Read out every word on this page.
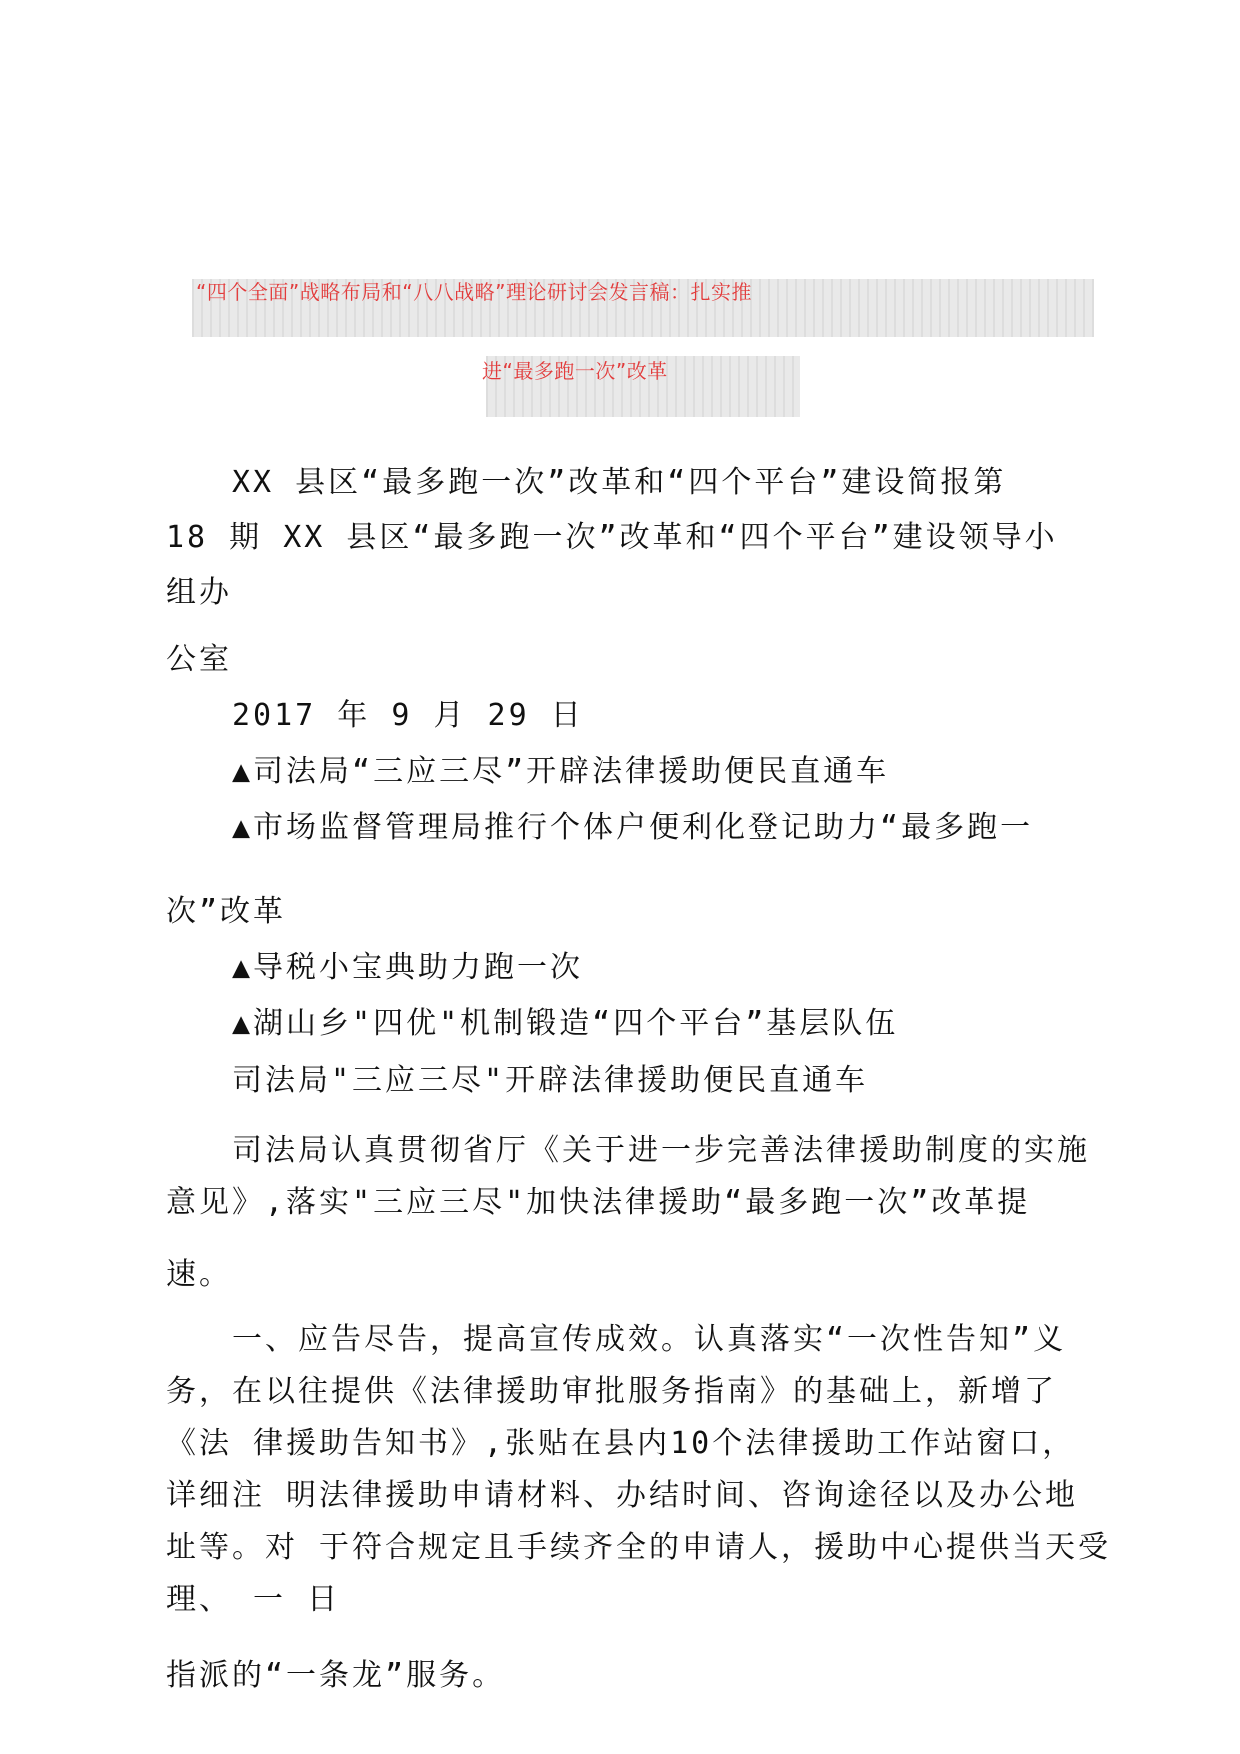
“四个全面”战略布局和“八八战略”理论研讨会发言稿：扎实推
进“最多跑一次”改革
XX 县区“最多跑一次”改革和“四个平台”建设简报第
18 期 XX 县区“最多跑一次”改革和“四个平台”建设领导小
组办
公室
2017 年 9 月 29 日
▲司法局“三应三尽”开辟法律援助便民直通车
▲市场监督管理局推行个体户便利化登记助力“最多跑一
次”改革
▲导税小宝典助力跑一次
▲湖山乡"四优"机制锻造“四个平台”基层队伍
司法局"三应三尽"开辟法律援助便民直通车
司法局认真贯彻省厅《关于进一步完善法律援助制度的实施
意见》,落实"三应三尽"加快法律援助“最多跑一次”改革提
速。
一、应告尽告，提高宣传成效。认真落实“一次性告知”义
务，在以往提供《法律援助审批服务指南》的基础上，新增了
《法 律援助告知书》,张贴在县内10个法律援助工作站窗口，
详细注 明法律援助申请材料、办结时间、咨询途径以及办公地
址等。对 于符合规定且手续齐全的申请人，援助中心提供当天受
理、 一 日
指派的“一条龙”服务。
